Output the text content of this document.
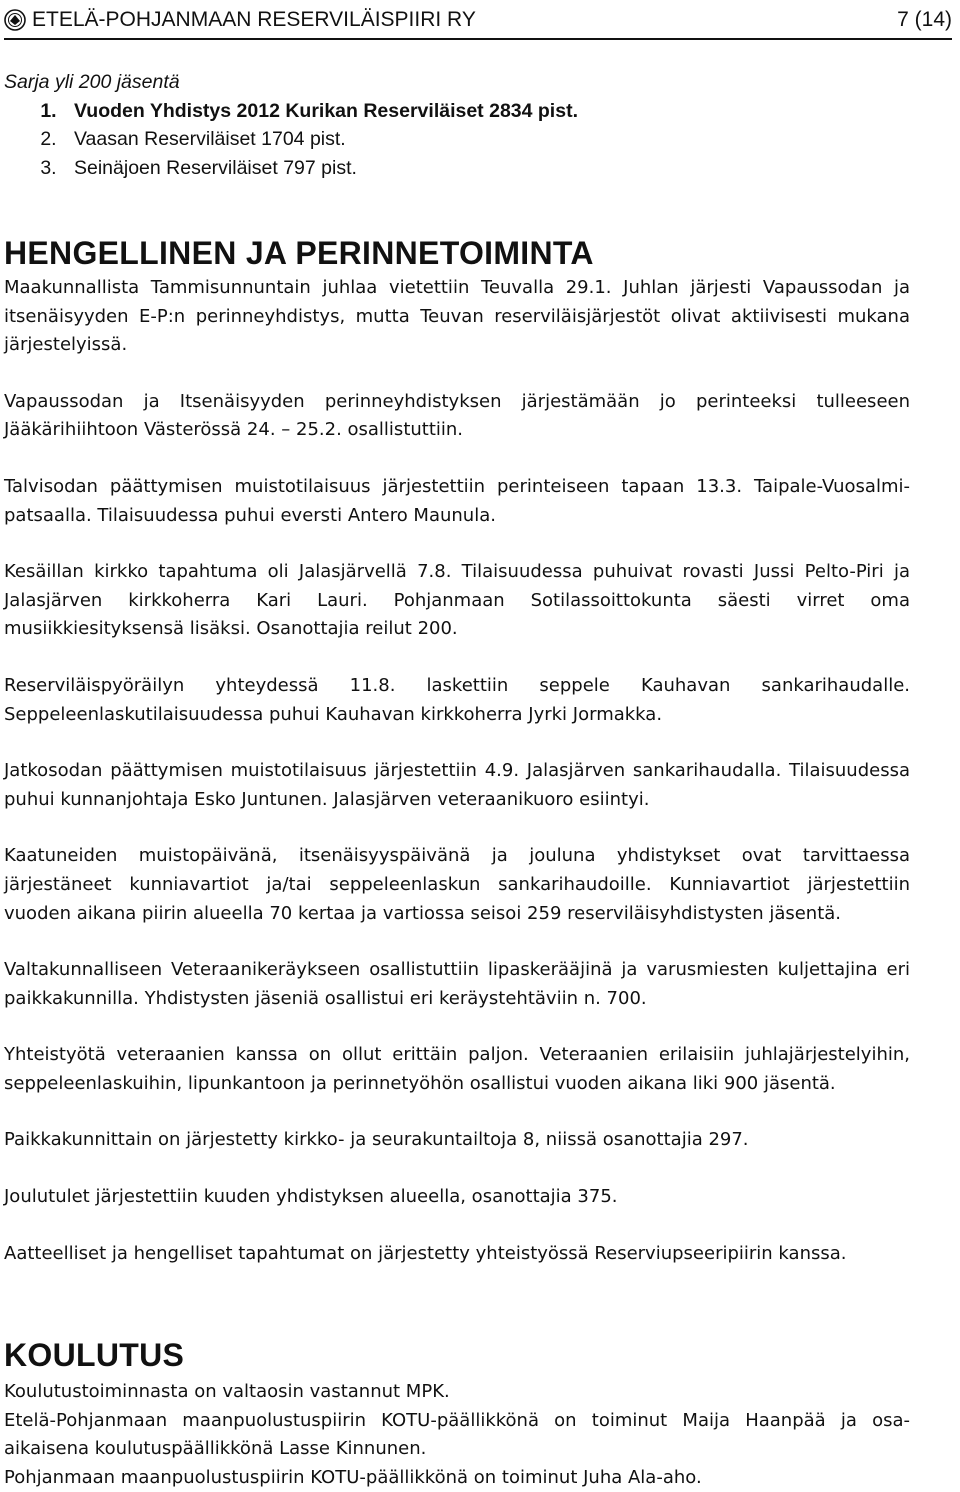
ETELÄ-POHJANMAAN RESERVILÄISPIIRI RY	7 (14)
Sarja yli 200 jäsentä
1. Vuoden Yhdistys 2012 Kurikan Reserviläiset 2834 pist.
2. Vaasan Reserviläiset 1704 pist.
3. Seinäjoen Reserviläiset 797 pist.
HENGELLINEN JA PERINNETOIMINTA

Maakunnallista Tammisunnuntain juhlaa vietettiin Teuvalla 29.1. Juhlan järjesti Vapaussodan ja itsenäisyyden E-P:n perinneyhdistys, mutta Teuvan reserviläisjärjestöt olivat aktiivisesti mukana järjestelyissä.

Vapaussodan ja Itsenäisyyden perinneyhdistyksen järjestämään jo perinteeksi tulleeseen Jääkärihiihtoon Västerössä 24. – 25.2. osallistuttiin.

Talvisodan päättymisen muistotilaisuus järjestettiin perinteiseen tapaan 13.3. Taipale-Vuosalmi-patsaalla. Tilaisuudessa puhui eversti Antero Maunula.

Kesäillan kirkko tapahtuma oli Jalasjärvellä 7.8. Tilaisuudessa puhuivat rovasti Jussi Pelto-Piri ja Jalasjärven kirkkoherra Kari Lauri. Pohjanmaan Sotilassoittokunta säesti virret oma musiikkiesityksensä lisäksi. Osanottajia reilut 200.

Reserviläispyöräilyn yhteydessä 11.8. laskettiin seppele Kauhavan sankarihaudalle. Seppeleenlaskutilaisuudessa puhui Kauhavan kirkkoherra Jyrki Jormakka.

Jatkosodan päättymisen muistotilaisuus järjestettiin 4.9. Jalasjärven sankarihaudalla. Tilaisuudessa puhui kunnanjohtaja Esko Juntunen. Jalasjärven veteraanikuoro esiintyi.

Kaatuneiden muistopäivänä, itsenäisyyspäivänä ja jouluna yhdistykset ovat tarvittaessa järjestäneet kunniavartiot ja/tai seppeleenlaskun sankarihaudoille. Kunniavartiot järjestettiin vuoden aikana piirin alueella 70 kertaa ja vartiossa seisoi 259 reserviläisyhdistysten jäsentä.

Valtakunnalliseen Veteraanikeräykseen osallistuttiin lipaskerääjinä ja varusmiesten kuljettajina eri paikkakunnilla. Yhdistysten jäseniä osallistui eri keräystehtäviin n. 700.

Yhteistyötä veteraanien kanssa on ollut erittäin paljon. Veteraanien erilaisiin juhlajärjestelyihin, seppeleenlaskuihin, lipunkantoon ja perinnetyöhön osallistui vuoden aikana liki 900 jäsentä.

Paikkakunnittain on järjestetty kirkko- ja seurakuntailtoja 8, niissä osanottajia 297.

Joulutulet järjestettiin kuuden yhdistyksen alueella, osanottajia 375.

Aatteelliset ja hengelliset tapahtumat on järjestetty yhteistyössä Reserviupseeripiirin kanssa.

KOULUTUS

Koulutustoiminnasta on valtaosin vastannut MPK.

Etelä-Pohjanmaan maanpuolustuspiirin KOTU-päällikkönä on toiminut Maija Haanpää ja osa-aikaisena koulutuspäällikkönä Lasse Kinnunen.

Pohjanmaan maanpuolustuspiirin KOTU-päällikkönä on toiminut Juha Ala-aho.
